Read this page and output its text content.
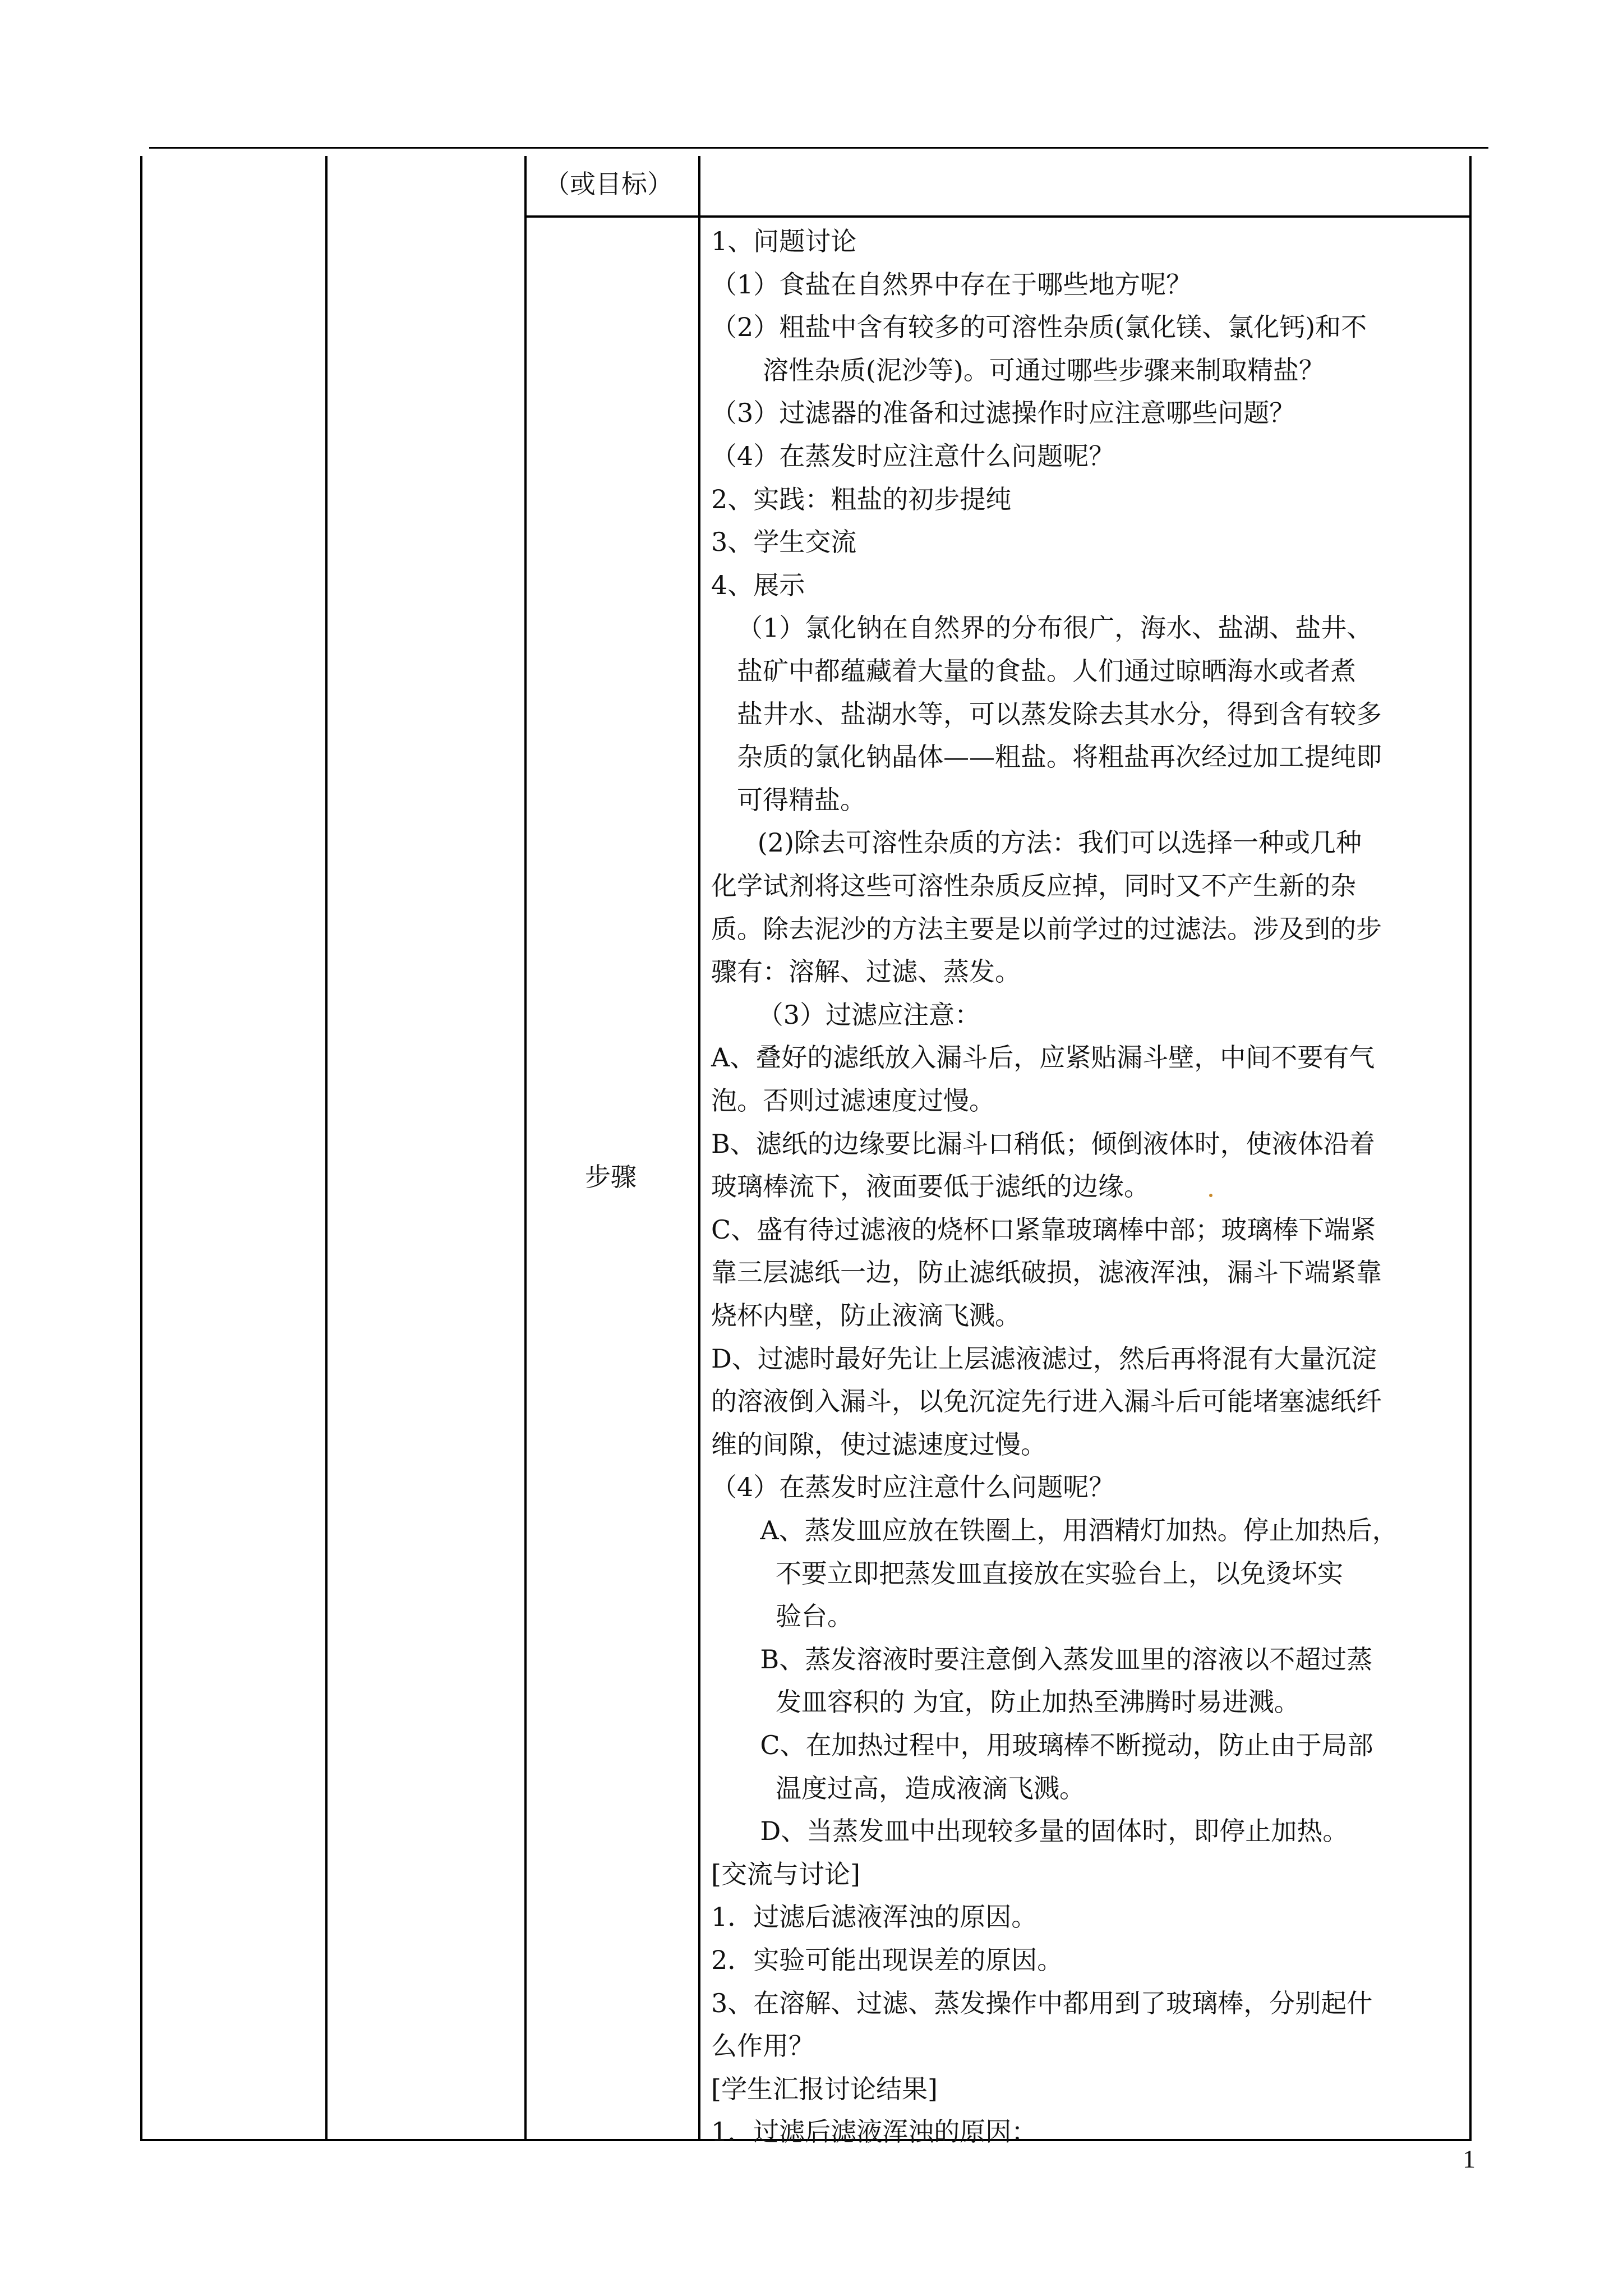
（或目标）
步骤
1、问题讨论
（1）食盐在自然界中存在于哪些地方呢？
（2）粗盐中含有较多的可溶性杂质(氯化镁、氯化钙)和不
溶性杂质(泥沙等)。可通过哪些步骤来制取精盐？
（3）过滤器的准备和过滤操作时应注意哪些问题？
（4）在蒸发时应注意什么问题呢？
2、实践：粗盐的初步提纯
3、学生交流
4、展示
（1）氯化钠在自然界的分布很广，海水、盐湖、盐井、
盐矿中都蕴藏着大量的食盐。人们通过晾晒海水或者煮
盐井水、盐湖水等，可以蒸发除去其水分，得到含有较多
杂质的氯化钠晶体——粗盐。将粗盐再次经过加工提纯即
可得精盐。
(2)除去可溶性杂质的方法：我们可以选择一种或几种
化学试剂将这些可溶性杂质反应掉，同时又不产生新的杂
质。除去泥沙的方法主要是以前学过的过滤法。涉及到的步
骤有：溶解、过滤、蒸发。
（3）过滤应注意：
A、叠好的滤纸放入漏斗后，应紧贴漏斗壁，中间不要有气
泡。否则过滤速度过慢。
B、滤纸的边缘要比漏斗口稍低；倾倒液体时，使液体沿着
玻璃棒流下，液面要低于滤纸的边缘。
C、盛有待过滤液的烧杯口紧靠玻璃棒中部；玻璃棒下端紧
靠三层滤纸一边，防止滤纸破损，滤液浑浊，漏斗下端紧靠
烧杯内壁，防止液滴飞溅。
D、过滤时最好先让上层滤液滤过，然后再将混有大量沉淀
的溶液倒入漏斗，以免沉淀先行进入漏斗后可能堵塞滤纸纤
维的间隙，使过滤速度过慢。
（4）在蒸发时应注意什么问题呢？
A、蒸发皿应放在铁圈上，用酒精灯加热。停止加热后，
不要立即把蒸发皿直接放在实验台上，以免烫坏实
验台。
B、蒸发溶液时要注意倒入蒸发皿里的溶液以不超过蒸
发皿容积的 为宜，防止加热至沸腾时易进溅。
C、在加热过程中，用玻璃棒不断搅动，防止由于局部
温度过高，造成液滴飞溅。
D、当蒸发皿中出现较多量的固体时，即停止加热。
[交流与讨论]
1．过滤后滤液浑浊的原因。
2．实验可能出现误差的原因。
3、在溶解、过滤、蒸发操作中都用到了玻璃棒，分别起什
么作用？
[学生汇报讨论结果]
1．过滤后滤液浑浊的原因：
1
